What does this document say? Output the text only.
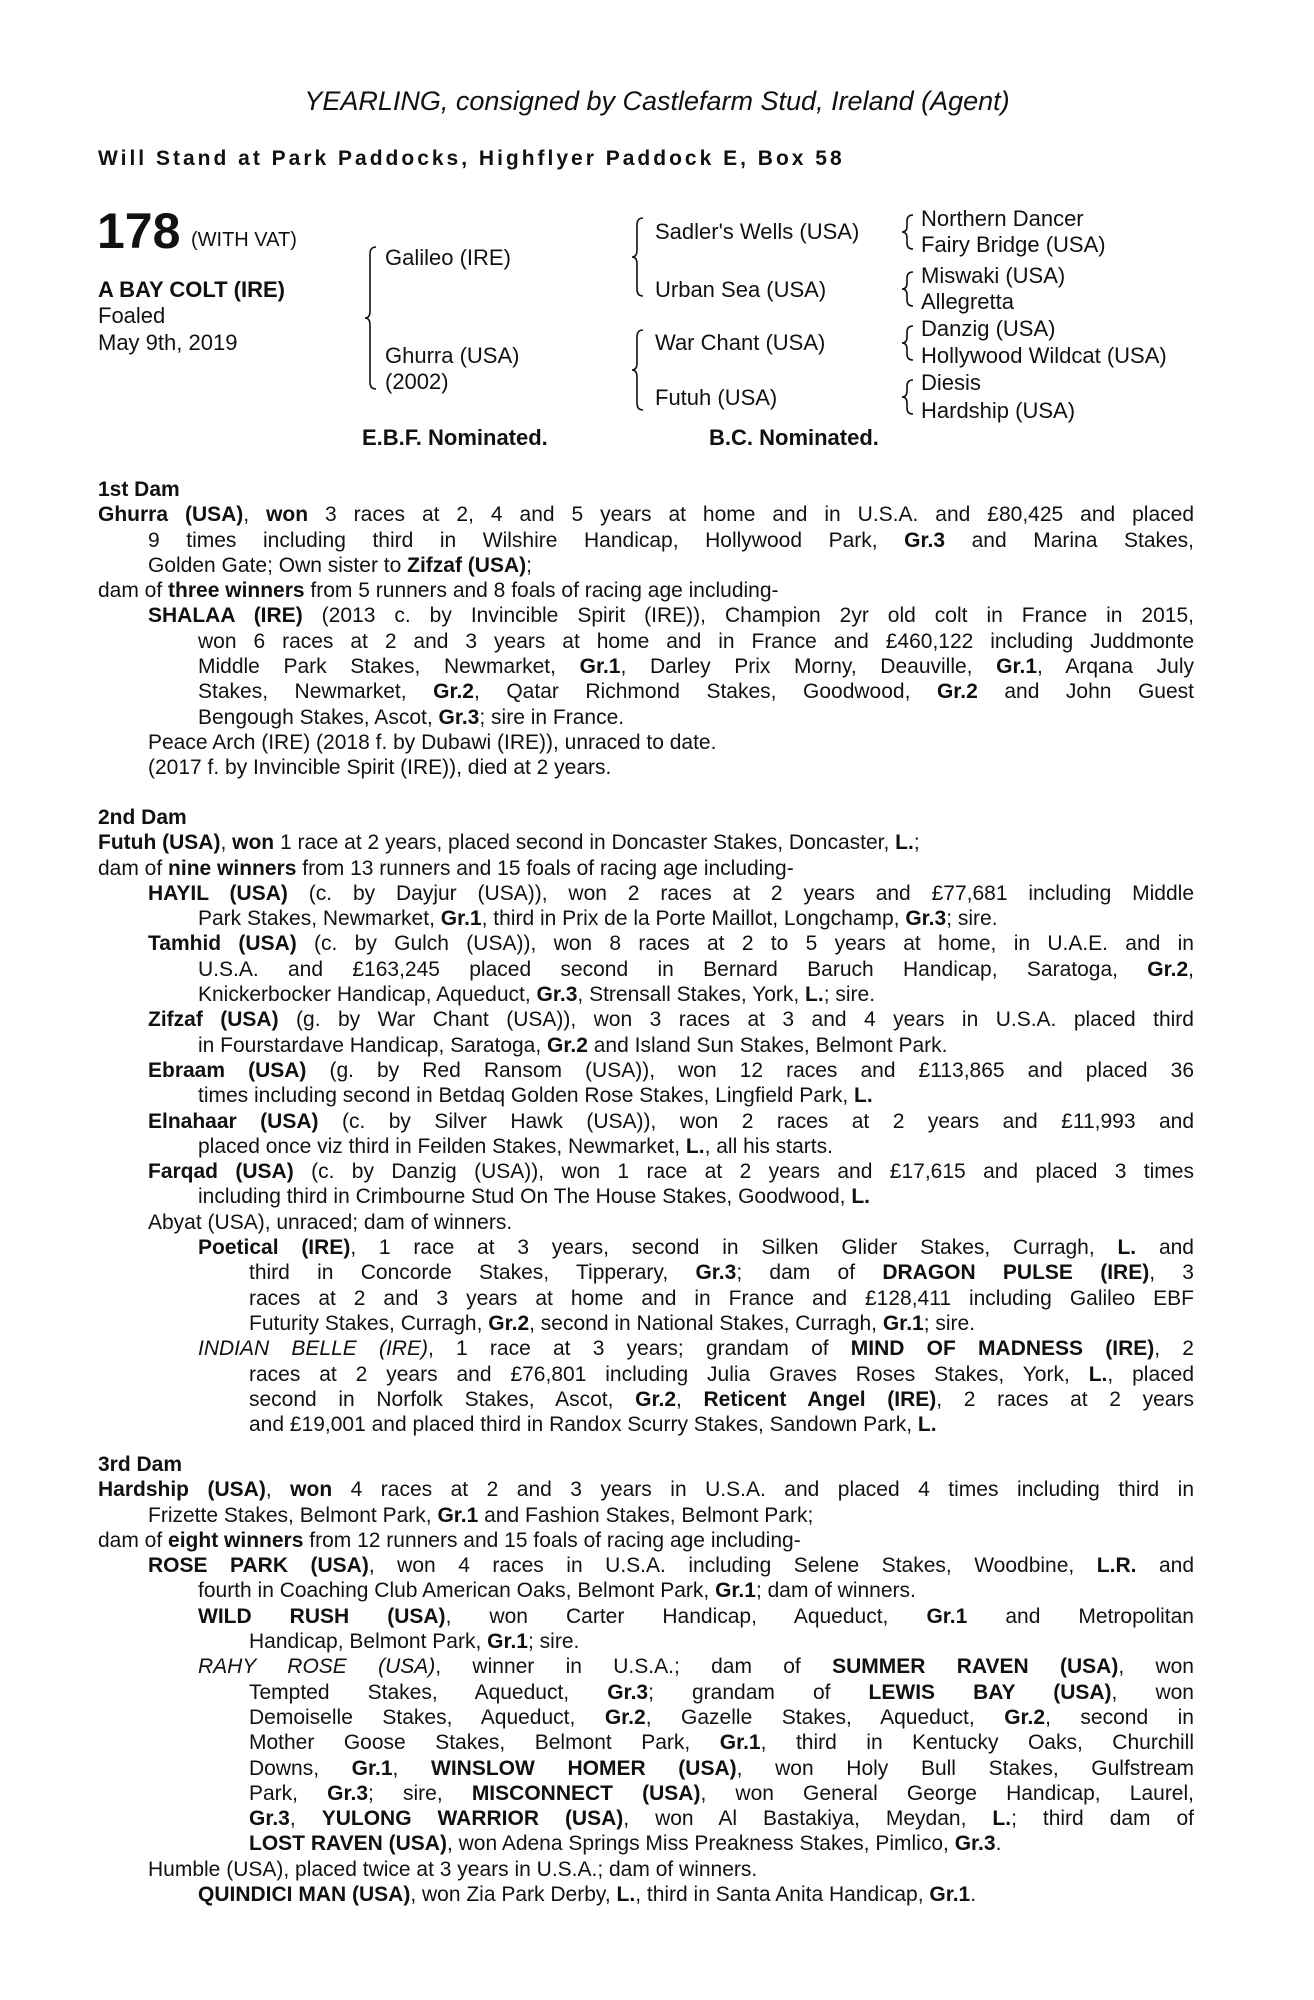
YEARLING, consigned by Castlefarm Stud, Ireland (Agent)
Will Stand at Park Paddocks, Highflyer Paddock E, Box 58
178 (WITH VAT)
A BAY COLT (IRE)
Foaled
May 9th, 2019
Galileo (IRE)
Ghurra (USA)
(2002)
Sadler's Wells (USA)
Urban Sea (USA)
War Chant (USA)
Futuh (USA)
Northern Dancer
Fairy Bridge (USA)
Miswaki (USA)
Allegretta
Danzig (USA)
Hollywood Wildcat (USA)
Diesis
Hardship (USA)
E.B.F. Nominated.	B.C. Nominated.
1st Dam
Ghurra (USA), won 3 races at 2, 4 and 5 years at home and in U.S.A. and £80,425 and placed
9 times including third in Wilshire Handicap, Hollywood Park, Gr.3 and Marina Stakes,
Golden Gate; Own sister to Zifzaf (USA);
dam of three winners from 5 runners and 8 foals of racing age including-
SHALAA (IRE) (2013 c. by Invincible Spirit (IRE)), Champion 2yr old colt in France in 2015,
won 6 races at 2 and 3 years at home and in France and £460,122 including Juddmonte
Middle Park Stakes, Newmarket, Gr.1, Darley Prix Morny, Deauville, Gr.1, Arqana July
Stakes, Newmarket, Gr.2, Qatar Richmond Stakes, Goodwood, Gr.2 and John Guest
Bengough Stakes, Ascot, Gr.3; sire in France.
Peace Arch (IRE) (2018 f. by Dubawi (IRE)), unraced to date.
(2017 f. by Invincible Spirit (IRE)), died at 2 years.
2nd Dam
Futuh (USA), won 1 race at 2 years, placed second in Doncaster Stakes, Doncaster, L.;
dam of nine winners from 13 runners and 15 foals of racing age including-
HAYIL (USA) (c. by Dayjur (USA)), won 2 races at 2 years and £77,681 including Middle
Park Stakes, Newmarket, Gr.1, third in Prix de la Porte Maillot, Longchamp, Gr.3; sire.
Tamhid (USA) (c. by Gulch (USA)), won 8 races at 2 to 5 years at home, in U.A.E. and in
U.S.A. and £163,245 placed second in Bernard Baruch Handicap, Saratoga, Gr.2,
Knickerbocker Handicap, Aqueduct, Gr.3, Strensall Stakes, York, L.; sire.
Zifzaf (USA) (g. by War Chant (USA)), won 3 races at 3 and 4 years in U.S.A. placed third
in Fourstardave Handicap, Saratoga, Gr.2 and Island Sun Stakes, Belmont Park.
Ebraam (USA) (g. by Red Ransom (USA)), won 12 races and £113,865 and placed 36
times including second in Betdaq Golden Rose Stakes, Lingfield Park, L.
Elnahaar (USA) (c. by Silver Hawk (USA)), won 2 races at 2 years and £11,993 and
placed once viz third in Feilden Stakes, Newmarket, L., all his starts.
Farqad (USA) (c. by Danzig (USA)), won 1 race at 2 years and £17,615 and placed 3 times
including third in Crimbourne Stud On The House Stakes, Goodwood, L.
Abyat (USA), unraced; dam of winners.
Poetical (IRE), 1 race at 3 years, second in Silken Glider Stakes, Curragh, L. and
third in Concorde Stakes, Tipperary, Gr.3; dam of DRAGON PULSE (IRE), 3
races at 2 and 3 years at home and in France and £128,411 including Galileo EBF
Futurity Stakes, Curragh, Gr.2, second in National Stakes, Curragh, Gr.1; sire.
INDIAN BELLE (IRE), 1 race at 3 years; grandam of MIND OF MADNESS (IRE), 2
races at 2 years and £76,801 including Julia Graves Roses Stakes, York, L., placed
second in Norfolk Stakes, Ascot, Gr.2, Reticent Angel (IRE), 2 races at 2 years
and £19,001 and placed third in Randox Scurry Stakes, Sandown Park, L.
3rd Dam
Hardship (USA), won 4 races at 2 and 3 years in U.S.A. and placed 4 times including third in
Frizette Stakes, Belmont Park, Gr.1 and Fashion Stakes, Belmont Park;
dam of eight winners from 12 runners and 15 foals of racing age including-
ROSE PARK (USA), won 4 races in U.S.A. including Selene Stakes, Woodbine, L.R. and
fourth in Coaching Club American Oaks, Belmont Park, Gr.1; dam of winners.
WILD RUSH (USA), won Carter Handicap, Aqueduct, Gr.1 and Metropolitan
Handicap, Belmont Park, Gr.1; sire.
RAHY ROSE (USA), winner in U.S.A.; dam of SUMMER RAVEN (USA), won
Tempted Stakes, Aqueduct, Gr.3; grandam of LEWIS BAY (USA), won
Demoiselle Stakes, Aqueduct, Gr.2, Gazelle Stakes, Aqueduct, Gr.2, second in
Mother Goose Stakes, Belmont Park, Gr.1, third in Kentucky Oaks, Churchill
Downs, Gr.1, WINSLOW HOMER (USA), won Holy Bull Stakes, Gulfstream
Park, Gr.3; sire, MISCONNECT (USA), won General George Handicap, Laurel,
Gr.3, YULONG WARRIOR (USA), won Al Bastakiya, Meydan, L.; third dam of
LOST RAVEN (USA), won Adena Springs Miss Preakness Stakes, Pimlico, Gr.3.
Humble (USA), placed twice at 3 years in U.S.A.; dam of winners.
QUINDICI MAN (USA), won Zia Park Derby, L., third in Santa Anita Handicap, Gr.1.
